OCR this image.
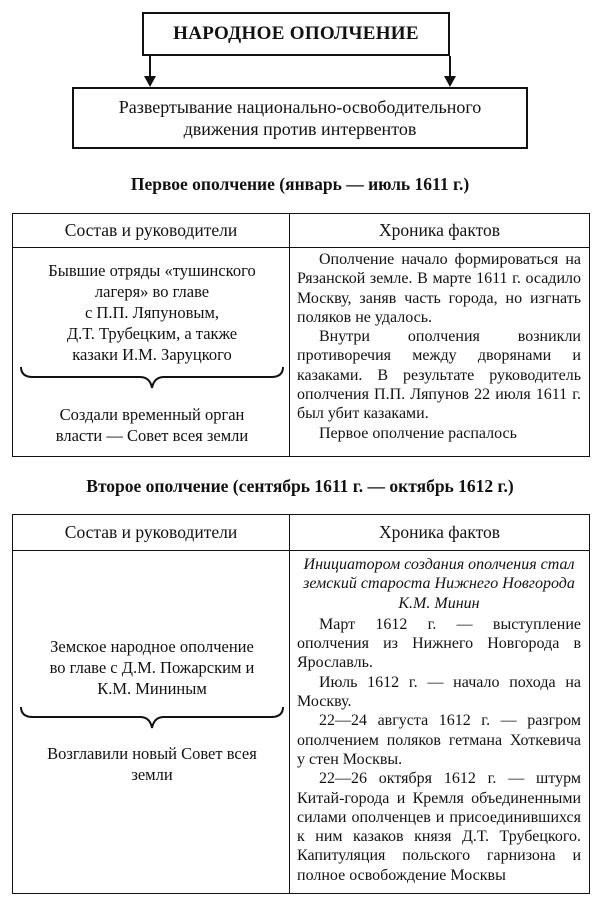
НАРОДНОЕ ОПОЛЧЕНИЕ
Развертывание национально-освободительного
движения против интервентов
Первое ополчение (январь — июль 1611 г.)
Состав и руководители	Хроника фактов
Бывшие отряды «тушинского
лагеря» во главе
с П.П. Ляпуновым,
Д.Т. Трубецким, а также
казаки И.М. Заруцкого
Создали временный орган
власти — Совет всея земли

Ополчение начало формироваться на Рязанской земле. В марте 1611 г. осадило Москву, заняв часть города, но изгнать поляков не удалось.

Внутри ополчения возникли противоречия между дворянами и казаками. В результате руководитель ополчения П.П. Ляпунов 22 июля 1611 г. был убит казаками.

Первое ополчение распалось

Второе ополчение (сентябрь 1611 г. — октябрь 1612 г.)
Состав и руководители	Хроника фактов
Земское народное ополчение
во главе с Д.М. Пожарским и
К.М. Мининым
Возглавили новый Совет всея
земли

Инициатором создания ополчения стал земский староста Нижнего Новгорода К.М. Минин

Март 1612 г. — выступление ополчения из Нижнего Новгорода в Ярославль.

Июль 1612 г. — начало похода на Москву.

22—24 августа 1612 г. — разгром ополчением поляков гетмана Хоткевича у стен Москвы.

22—26 октября 1612 г. — штурм Китай-города и Кремля объединенными силами ополченцев и присоединившихся к ним казаков князя Д.Т. Трубецкого. Капитуляция польского гарнизона и полное освобождение Москвы
